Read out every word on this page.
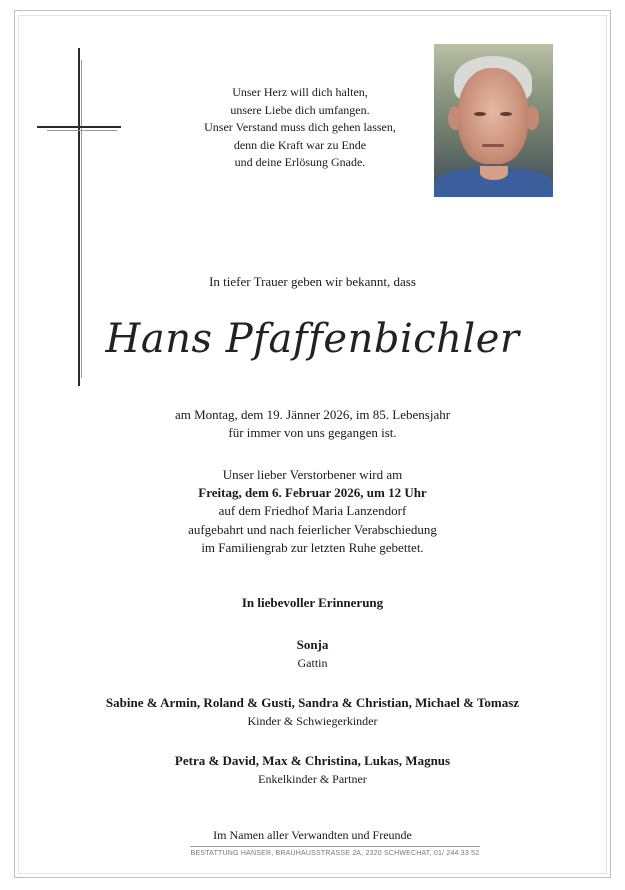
Unser Herz will dich halten,
unsere Liebe dich umfangen.
Unser Verstand muss dich gehen lassen,
denn die Kraft war zu Ende
und deine Erlösung Gnade.
In tiefer Trauer geben wir bekannt, dass
Hans Pfaffenbichler
am Montag, dem 19. Jänner 2026, im 85. Lebensjahr
für immer von uns gegangen ist.
Unser lieber Verstorbener wird am
Freitag, dem 6. Februar 2026, um 12 Uhr
auf dem Friedhof Maria Lanzendorf
aufgebahrt und nach feierlicher Verabschiedung
im Familiengrab zur letzten Ruhe gebettet.
In liebevoller Erinnerung
Sonja
Gattin
Sabine & Armin, Roland & Gusti, Sandra & Christian, Michael & Tomasz
Kinder & Schwiegerkinder
Petra & David, Max & Christina, Lukas, Magnus
Enkelkinder & Partner
Im Namen aller Verwandten und Freunde
BESTATTUNG HANSER, BRAUHAUSSTRASSE 2A, 2320 SCHWECHAT, 01/ 244 33 52
